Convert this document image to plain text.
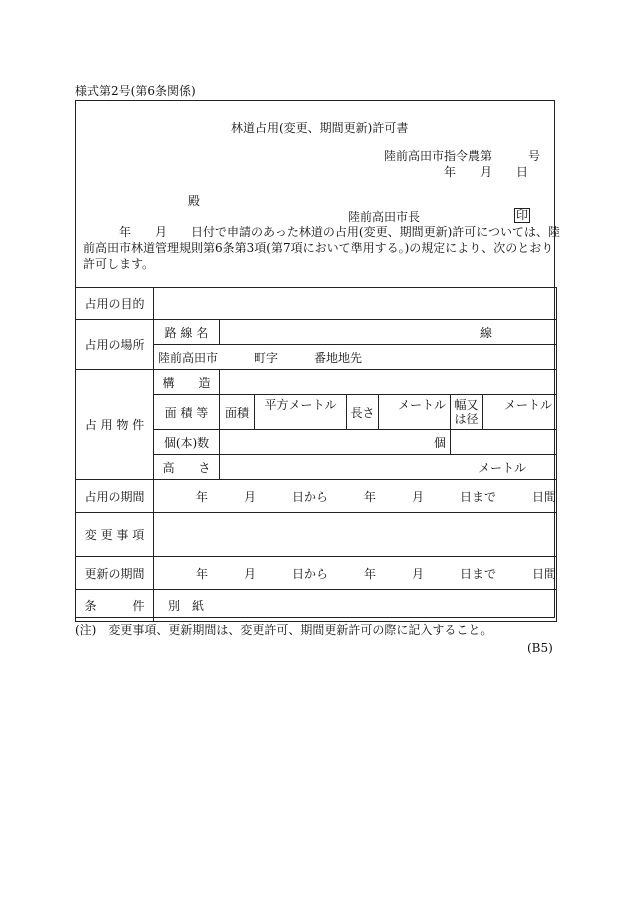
様式第2号(第6条関係)
林道占用(変更、期間更新)許可書
陸前高田市指令農第　　　号
年　　月　　日
殿
陸前高田市長	印
　　　年　　月　　日付で申請のあった林道の占用(変更、期間更新)許可については、陸
前高田市林道管理規則第6条第3項(第7項において準用する。)の規定により、次のとおり
許可します。
占用の目的								
占用の場所	路 線 名	線						
	陸前高田市　　　町字　　　番地地先							
占 用 物 件	構　　造							
	面 積 等	面積	平方メートル	長さ	メートル	幅又は径	メートル	
	個(本)数	個		
	高　　さ	メートル						
占用の期間	年　　　月　　　日から　　　年　　　月　　　日まで　　　日間							
変 更 事 項								
更新の期間	年　　　月　　　日から　　　年　　　月　　　日まで　　　日間							
条　　　件	別　紙							
(注)　変更事項、更新期間は、変更許可、期間更新許可の際に記入すること。
(B5)
